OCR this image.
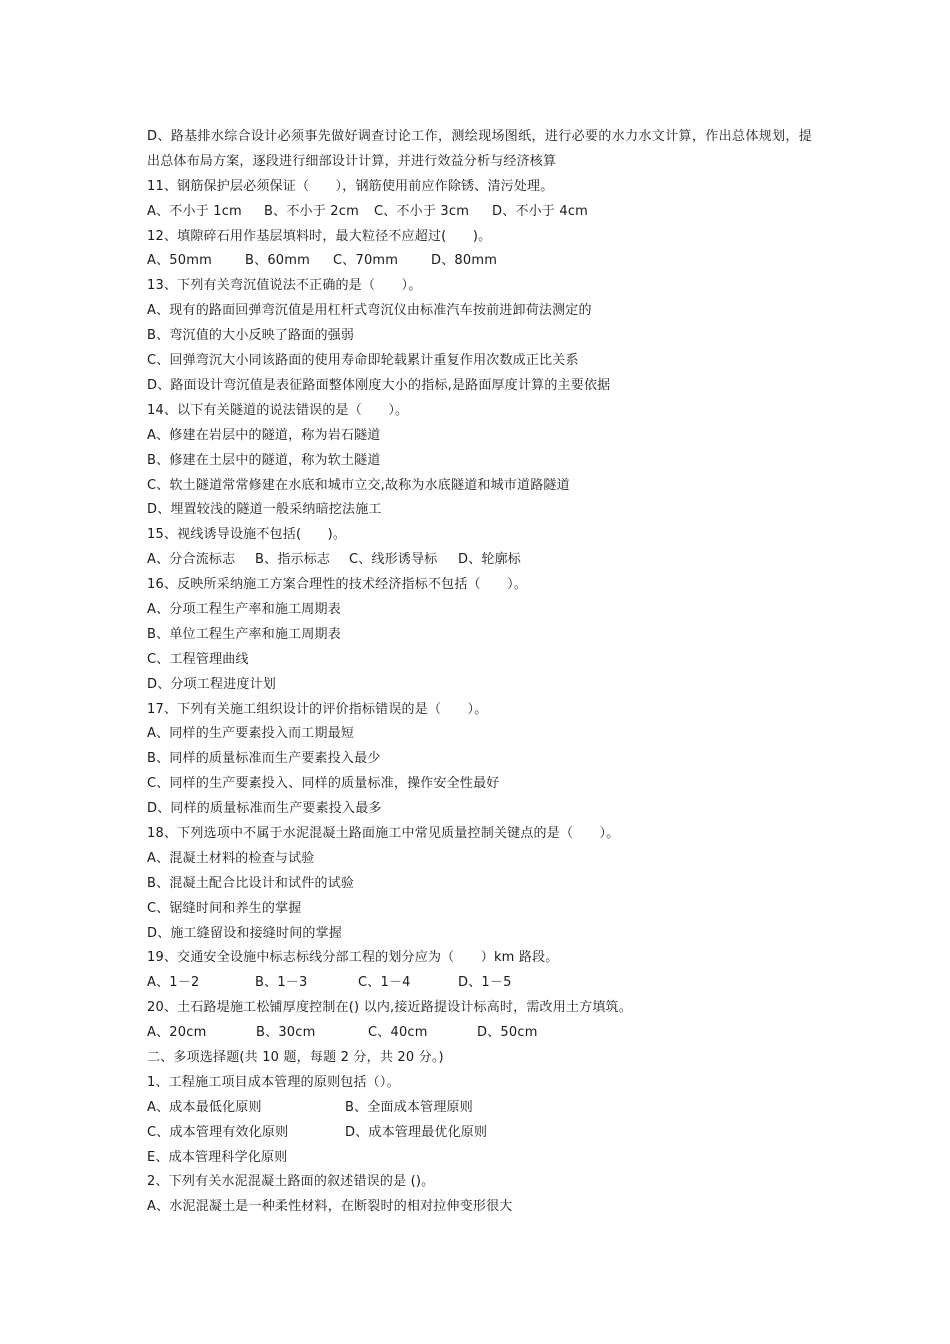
D、路基排水综合设计必须事先做好调查讨论工作，测绘现场图纸，进行必要的水力水文计算，作出总体规划，提出总体布局方案，逐段进行细部设计计算，并进行效益分析与经济核算
11、钢筋保护层必须保证（　　），钢筋使用前应作除锈、清污处理。
A、不小于 1cm	B、不小于 2cm	C、不小于 3cm	D、不小于 4cm
12、填隙碎石用作基层填料时，最大粒径不应超过(　　)。
A、50mm	B、60mm	C、70mm	D、80mm
13、下列有关弯沉值说法不正确的是（　　）。
A、现有的路面回弹弯沉值是用杠杆式弯沉仪由标准汽车按前进卸荷法测定的
B、弯沉值的大小反映了路面的强弱
C、回弹弯沉大小同该路面的使用寿命即轮载累计重复作用次数成正比关系
D、路面设计弯沉值是表征路面整体刚度大小的指标,是路面厚度计算的主要依据
14、以下有关隧道的说法错误的是（　　）。
A、修建在岩层中的隧道，称为岩石隧道
B、修建在土层中的隧道，称为软土隧道
C、软土隧道常常修建在水底和城市立交,故称为水底隧道和城市道路隧道
D、埋置较浅的隧道一般采纳暗挖法施工
15、视线诱导设施不包括(　　)。
A、分合流标志	B、指示标志	C、线形诱导标	D、轮廓标
16、反映所采纳施工方案合理性的技术经济指标不包括（　　）。
A、分项工程生产率和施工周期表
B、单位工程生产率和施工周期表
C、工程管理曲线
D、分项工程进度计划
17、下列有关施工组织设计的评价指标错误的是（　　）。
A、同样的生产要素投入而工期最短
B、同样的质量标准而生产要素投入最少
C、同样的生产要素投入、同样的质量标准，操作安全性最好
D、同样的质量标准而生产要素投入最多
18、下列选项中不属于水泥混凝土路面施工中常见质量控制关键点的是（　　）。
A、混凝土材料的检查与试验
B、混凝土配合比设计和试件的试验
C、锯缝时间和养生的掌握
D、施工缝留设和接缝时间的掌握
19、交通安全设施中标志标线分部工程的划分应为（　　）km 路段。
A、1－2	B、1－3	C、1－4	D、1－5
20、土石路堤施工松铺厚度控制在() 以内,接近路提设计标高时，需改用土方填筑。
A、20cm	B、30cm	C、40cm	D、50cm
二、多项选择题(共 10 题，每题 2 分，共 20 分。)
1、工程施工项目成本管理的原则包括（）。
A、成本最低化原则	B、全面成本管理原则
C、成本管理有效化原则	D、成本管理最优化原则
E、成本管理科学化原则
2、下列有关水泥混凝土路面的叙述错误的是 ()。
A、水泥混凝土是一种柔性材料，在断裂时的相对拉伸变形很大
